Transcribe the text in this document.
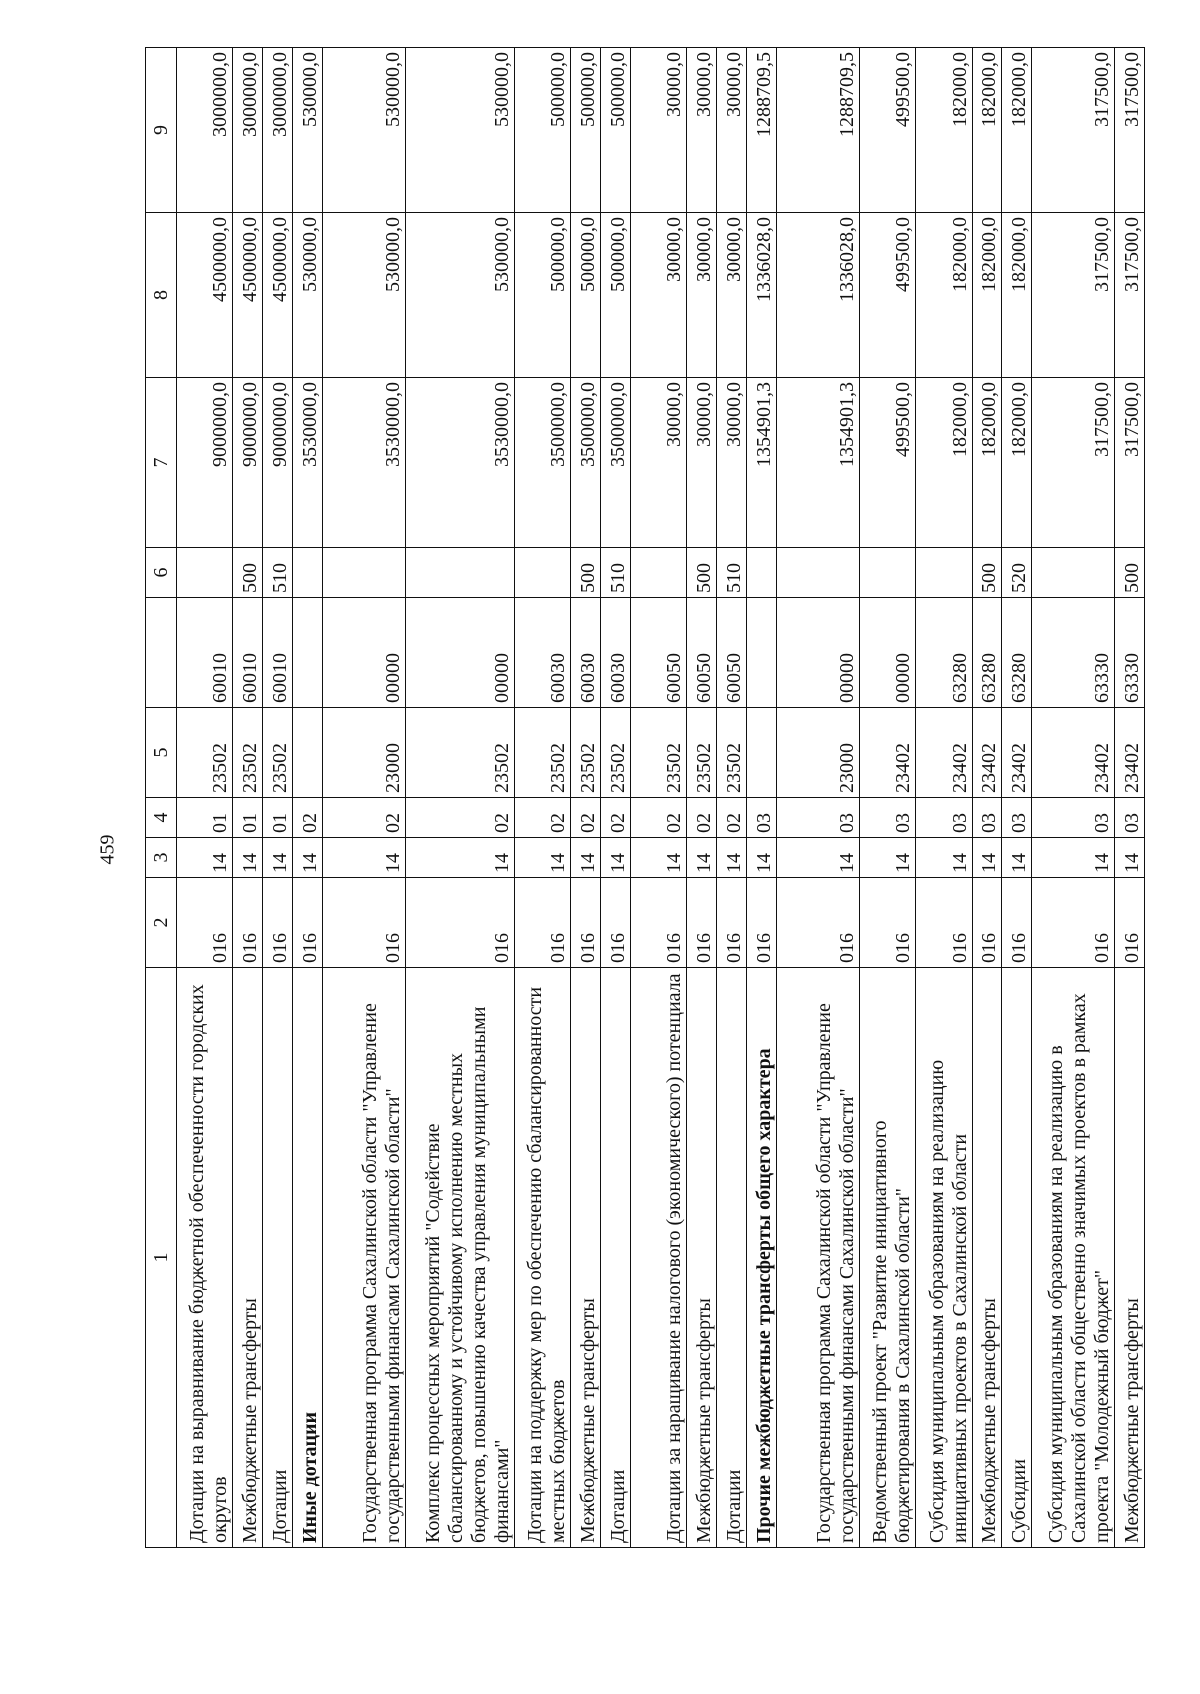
459
1	2	3	4	5		6	7	8	9
Дотации на выравнивание бюджетной обеспеченности городских округов	016	14	01	23502	60010		9000000,0	4500000,0	3000000,0
Межбюджетные трансферты	016	14	01	23502	60010	500	9000000,0	4500000,0	3000000,0
Дотации	016	14	01	23502	60010	510	9000000,0	4500000,0	3000000,0
Иные дотации	016	14	02				3530000,0	530000,0	530000,0
Государственная программа Сахалинской области "Управление государственными финансами Сахалинской области"	016	14	02	23000	00000		3530000,0	530000,0	530000,0
Комплекс процессных мероприятий "Содействие сбалансированному и устойчивому исполнению местных бюджетов, повышению качества управления муниципальными финансами"	016	14	02	23502	00000		3530000,0	530000,0	530000,0
Дотации на поддержку мер по обеспечению сбалансированности местных бюджетов	016	14	02	23502	60030		3500000,0	500000,0	500000,0
Межбюджетные трансферты	016	14	02	23502	60030	500	3500000,0	500000,0	500000,0
Дотации	016	14	02	23502	60030	510	3500000,0	500000,0	500000,0
Дотации за наращивание налогового (экономического) потенциала	016	14	02	23502	60050		30000,0	30000,0	30000,0
Межбюджетные трансферты	016	14	02	23502	60050	500	30000,0	30000,0	30000,0
Дотации	016	14	02	23502	60050	510	30000,0	30000,0	30000,0
Прочие межбюджетные трансферты общего характера	016	14	03				1354901,3	1336028,0	1288709,5
Государственная программа Сахалинской области "Управление государственными финансами Сахалинской области"	016	14	03	23000	00000		1354901,3	1336028,0	1288709,5
Ведомственный проект "Развитие инициативного бюджетирования в Сахалинской области"	016	14	03	23402	00000		499500,0	499500,0	499500,0
Субсидия муниципальным образованиям на реализацию инициативных проектов в Сахалинской области	016	14	03	23402	63280		182000,0	182000,0	182000,0
Межбюджетные трансферты	016	14	03	23402	63280	500	182000,0	182000,0	182000,0
Субсидии	016	14	03	23402	63280	520	182000,0	182000,0	182000,0
Субсидия муниципальным образованиям на реализацию в Сахалинской области общественно значимых проектов в рамках проекта "Молодежный бюджет"	016	14	03	23402	63330		317500,0	317500,0	317500,0
Межбюджетные трансферты	016	14	03	23402	63330	500	317500,0	317500,0	317500,0
